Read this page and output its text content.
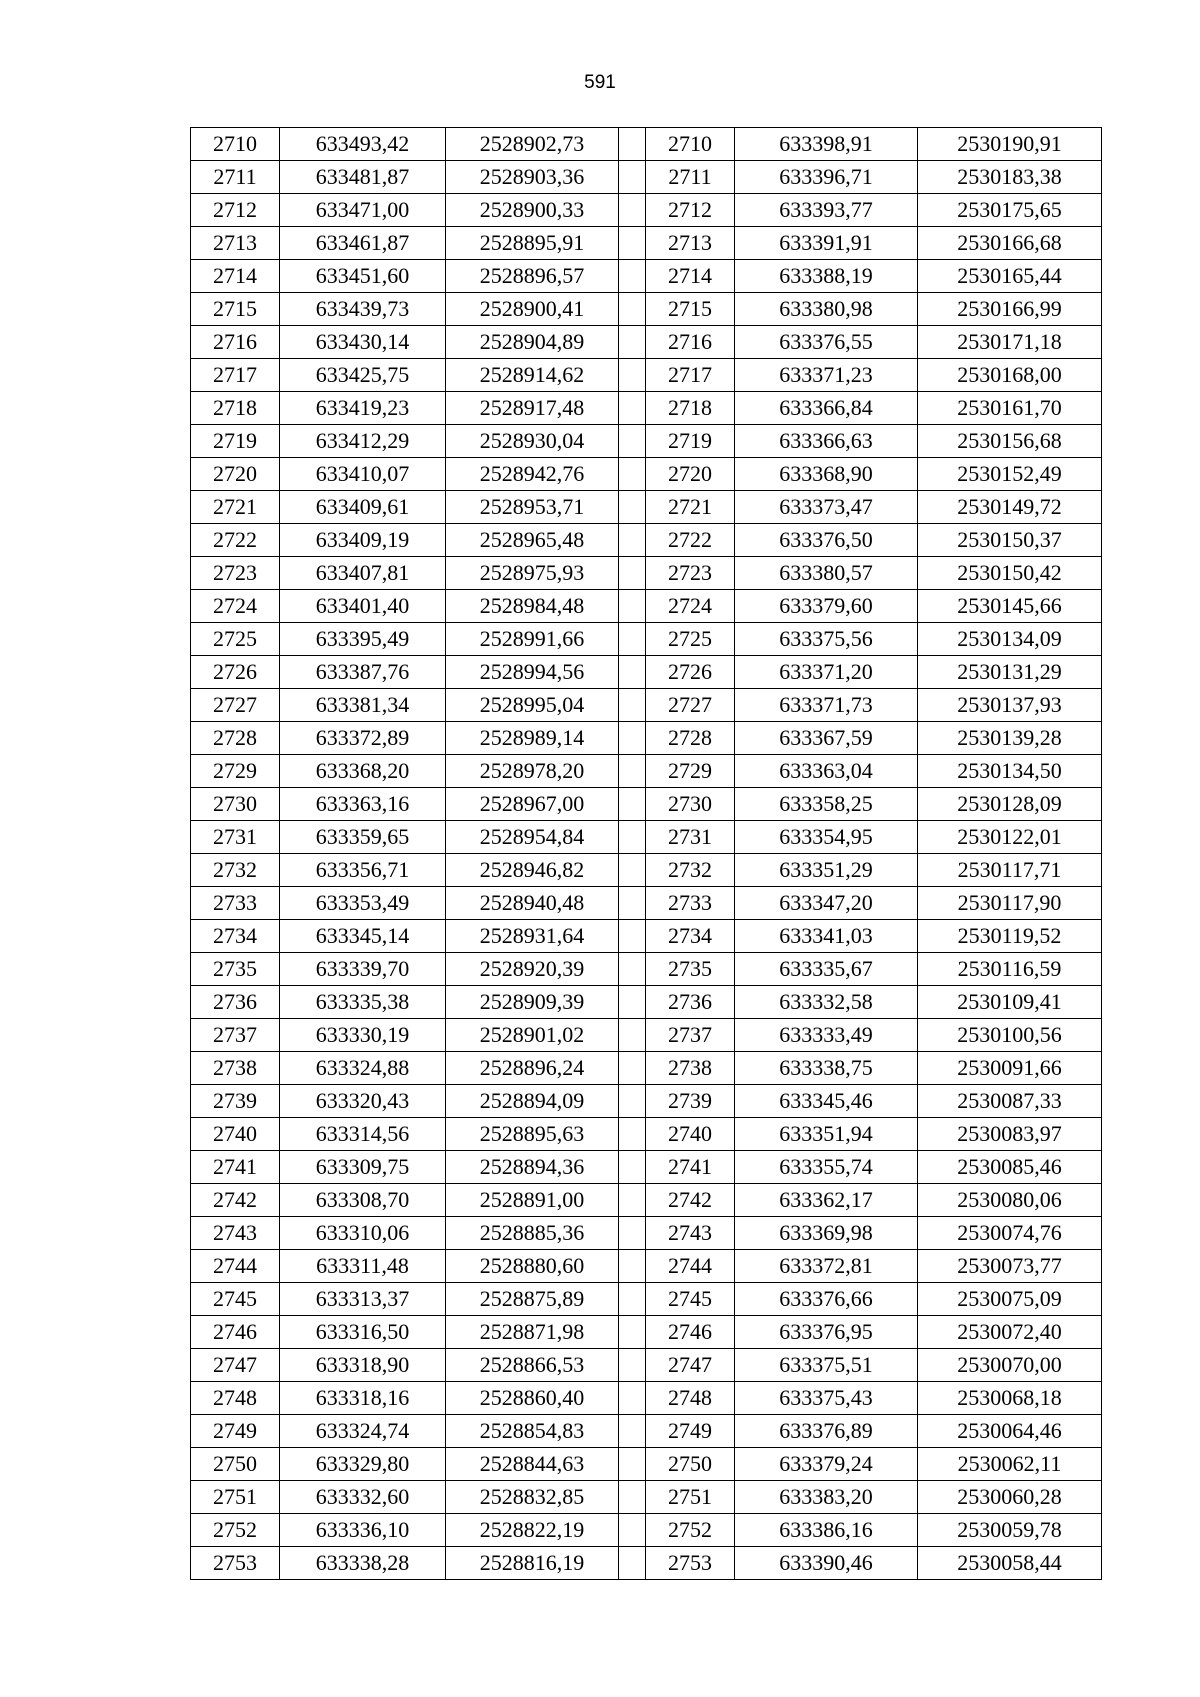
591
2710	633493,42	2528902,73		2710	633398,91	2530190,91
2711	633481,87	2528903,36		2711	633396,71	2530183,38
2712	633471,00	2528900,33		2712	633393,77	2530175,65
2713	633461,87	2528895,91		2713	633391,91	2530166,68
2714	633451,60	2528896,57		2714	633388,19	2530165,44
2715	633439,73	2528900,41		2715	633380,98	2530166,99
2716	633430,14	2528904,89		2716	633376,55	2530171,18
2717	633425,75	2528914,62		2717	633371,23	2530168,00
2718	633419,23	2528917,48		2718	633366,84	2530161,70
2719	633412,29	2528930,04		2719	633366,63	2530156,68
2720	633410,07	2528942,76		2720	633368,90	2530152,49
2721	633409,61	2528953,71		2721	633373,47	2530149,72
2722	633409,19	2528965,48		2722	633376,50	2530150,37
2723	633407,81	2528975,93		2723	633380,57	2530150,42
2724	633401,40	2528984,48		2724	633379,60	2530145,66
2725	633395,49	2528991,66		2725	633375,56	2530134,09
2726	633387,76	2528994,56		2726	633371,20	2530131,29
2727	633381,34	2528995,04		2727	633371,73	2530137,93
2728	633372,89	2528989,14		2728	633367,59	2530139,28
2729	633368,20	2528978,20		2729	633363,04	2530134,50
2730	633363,16	2528967,00		2730	633358,25	2530128,09
2731	633359,65	2528954,84		2731	633354,95	2530122,01
2732	633356,71	2528946,82		2732	633351,29	2530117,71
2733	633353,49	2528940,48		2733	633347,20	2530117,90
2734	633345,14	2528931,64		2734	633341,03	2530119,52
2735	633339,70	2528920,39		2735	633335,67	2530116,59
2736	633335,38	2528909,39		2736	633332,58	2530109,41
2737	633330,19	2528901,02		2737	633333,49	2530100,56
2738	633324,88	2528896,24		2738	633338,75	2530091,66
2739	633320,43	2528894,09		2739	633345,46	2530087,33
2740	633314,56	2528895,63		2740	633351,94	2530083,97
2741	633309,75	2528894,36		2741	633355,74	2530085,46
2742	633308,70	2528891,00		2742	633362,17	2530080,06
2743	633310,06	2528885,36		2743	633369,98	2530074,76
2744	633311,48	2528880,60		2744	633372,81	2530073,77
2745	633313,37	2528875,89		2745	633376,66	2530075,09
2746	633316,50	2528871,98		2746	633376,95	2530072,40
2747	633318,90	2528866,53		2747	633375,51	2530070,00
2748	633318,16	2528860,40		2748	633375,43	2530068,18
2749	633324,74	2528854,83		2749	633376,89	2530064,46
2750	633329,80	2528844,63		2750	633379,24	2530062,11
2751	633332,60	2528832,85		2751	633383,20	2530060,28
2752	633336,10	2528822,19		2752	633386,16	2530059,78
2753	633338,28	2528816,19		2753	633390,46	2530058,44
